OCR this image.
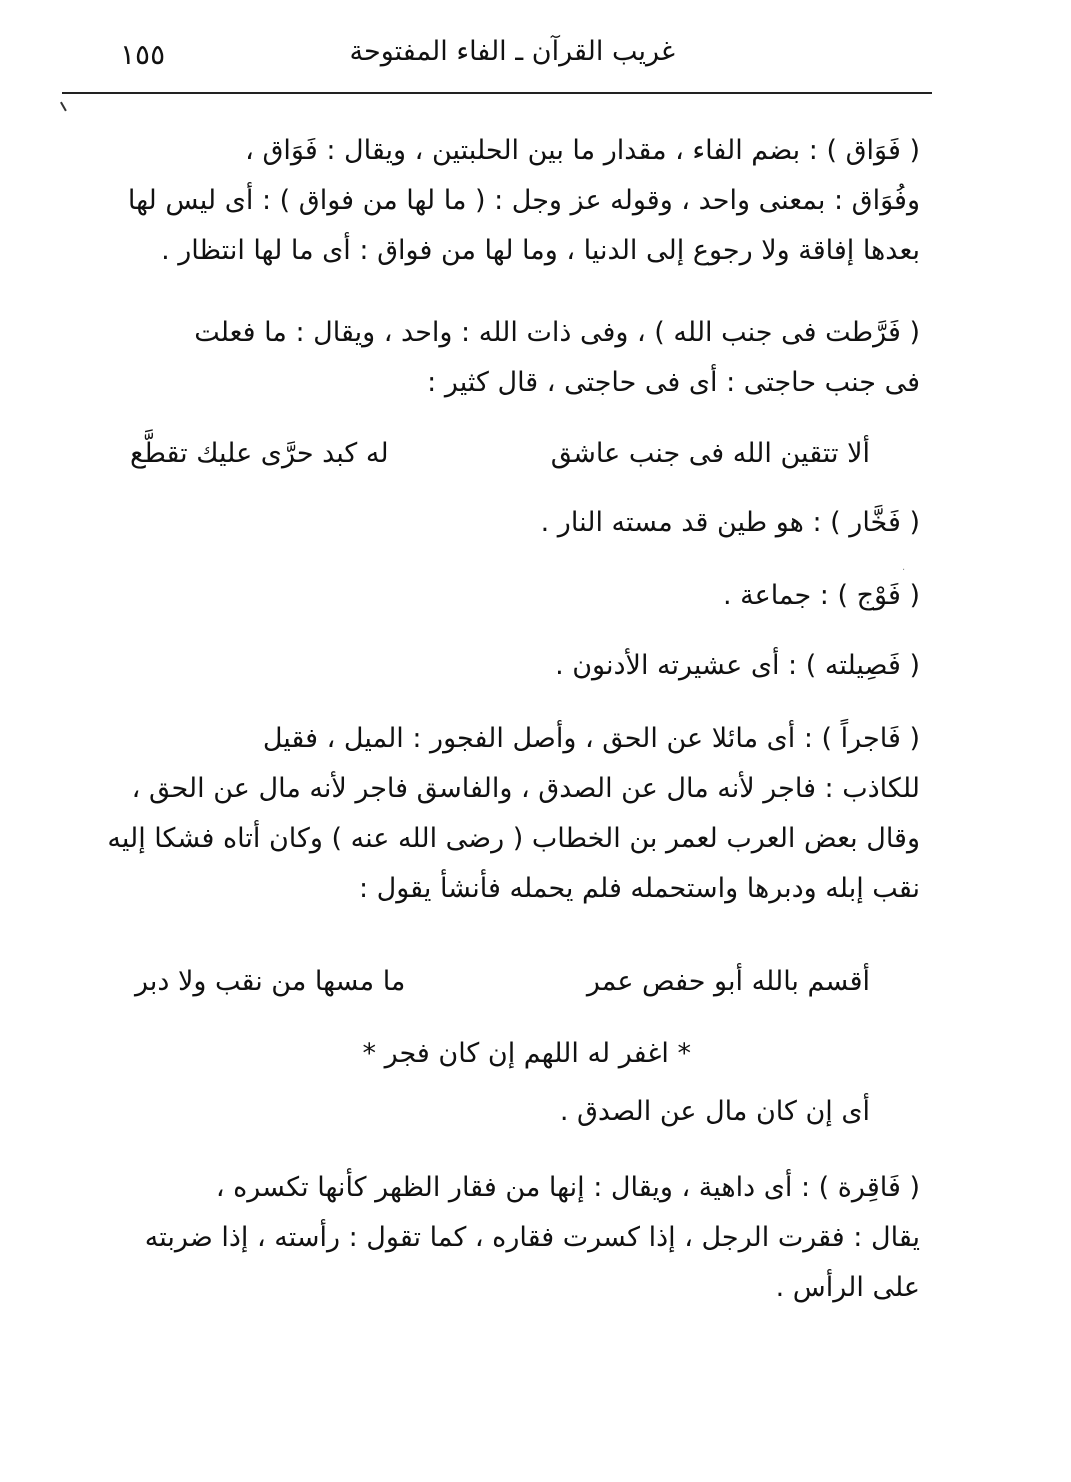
غريب القرآن ـ الفاء المفتوحة
١٥٥
( فَوَاق ) : بضم الفاء ، مقدار ما بين الحلبتين ، ويقال : فَوَاق ،
وفُوَاق : بمعنى واحد ، وقوله عز وجل : ( ما لها من فواق ) : أى ليس لها
بعدها إفاقة ولا رجوع إلى الدنيا ، وما لها من فواق : أى ما لها انتظار .
( فَرَّطت فى جنب الله ) ، وفى ذات الله : واحد ، ويقال : ما فعلت
فى جنب حاجتى : أى فى حاجتى ، قال كثير :
ألا تتقين الله فى جنب عاشق
له كبد حرَّى عليك تقطَّع
( فَخَّار ) : هو طين قد مسته النار .
( فَوْج ) : جماعة .
( فَصِيلته ) : أى عشيرته الأدنون .
·
( فَاجراً ) : أى مائلا عن الحق ، وأصل الفجور : الميل ، فقيل
للكاذب : فاجر لأنه مال عن الصدق ، والفاسق فاجر لأنه مال عن الحق ،
وقال بعض العرب لعمر بن الخطاب ( رضى الله عنه ) وكان أتاه فشكا إليه
نقب إبله ودبرها واستحمله فلم يحمله فأنشأ يقول :
أقسم بالله أبو حفص عمر
ما مسها من نقب ولا دبر
* اغفر له اللهم إن كان فجر *
أى إن كان مال عن الصدق .
( فَاقِرة ) : أى داهية ، ويقال : إنها من فقار الظهر كأنها تكسره ،
يقال : فقرت الرجل ، إذا كسرت فقاره ، كما تقول : رأسته ، إذا ضربته
على الرأس .
